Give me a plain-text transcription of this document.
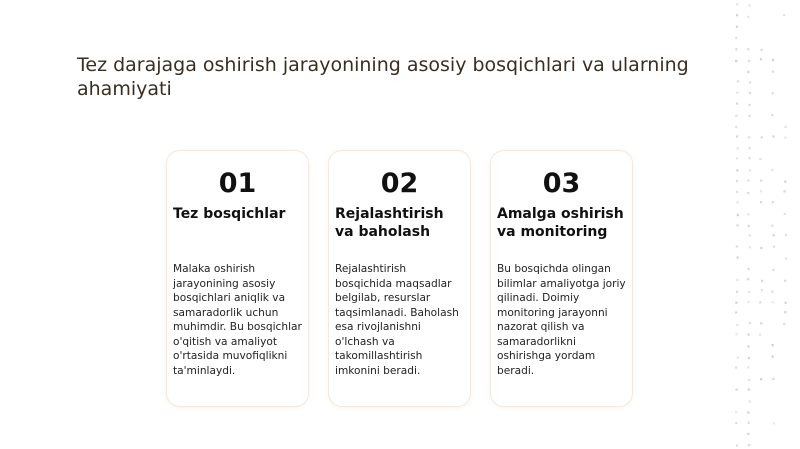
Tez darajaga oshirish jarayonining asosiy bosqichlari va ularning ahamiyati
01
Tez bosqichlar
Malaka oshirish jarayonining asosiy bosqichlari aniqlik va samaradorlik uchun muhimdir. Bu bosqichlar o'qitish va amaliyot o'rtasida muvofiqlikni ta'minlaydi.
02
Rejalashtirish va baholash
Rejalashtirish bosqichida maqsadlar belgilab, resurslar taqsimlanadi. Baholash esa rivojlanishni o'lchash va takomillashtirish imkonini beradi.
03
Amalga oshirish va monitoring
Bu bosqichda olingan bilimlar amaliyotga joriy qilinadi. Doimiy monitoring jarayonni nazorat qilish va samaradorlikni oshirishga yordam beradi.
